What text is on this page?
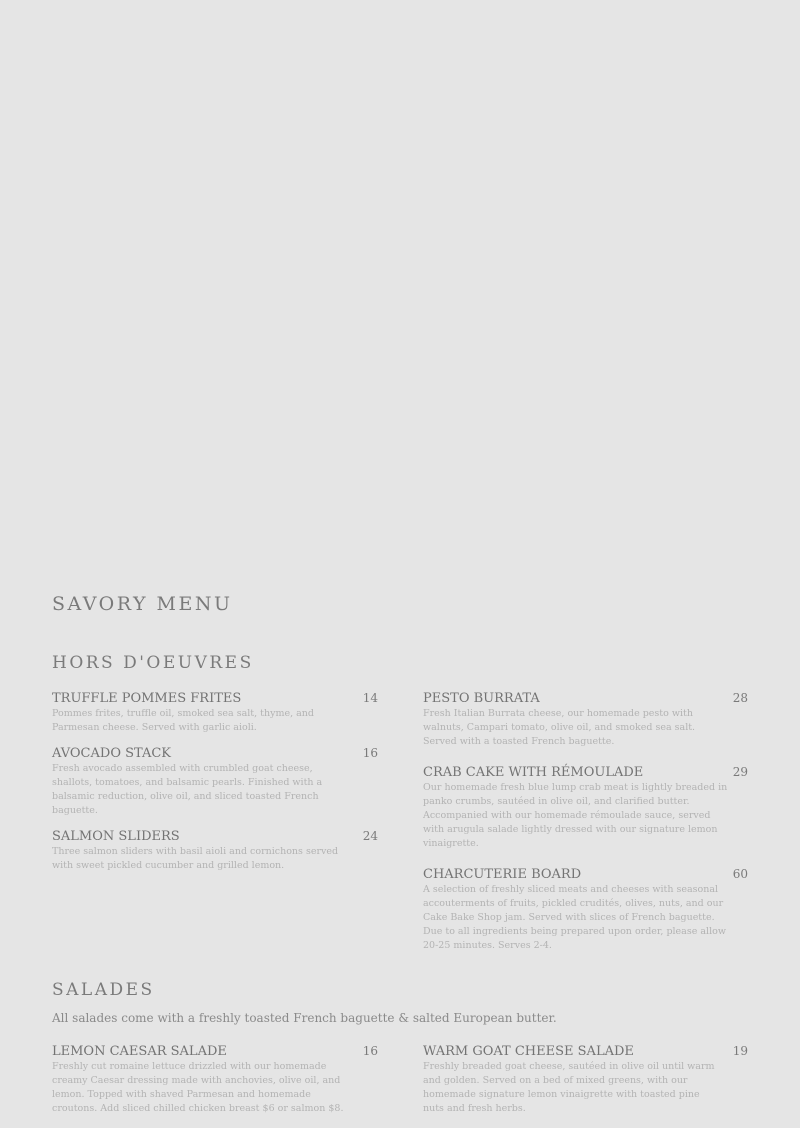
SAVORY MENU
HORS D'OEUVRES
TRUFFLE POMMES FRITES	14
Pommes frites, truffle oil, smoked sea salt, thyme, and Parmesan cheese. Served with garlic aioli.
AVOCADO STACK	16
Fresh avocado assembled with crumbled goat cheese, shallots, tomatoes, and balsamic pearls. Finished with a balsamic reduction, olive oil, and sliced toasted French baguette.
SALMON SLIDERS	24
Three salmon sliders with basil aioli and cornichons served with sweet pickled cucumber and grilled lemon.
PESTO BURRATA	28
Fresh Italian Burrata cheese, our homemade pesto with walnuts, Campari tomato, olive oil, and smoked sea salt. Served with a toasted French baguette.
CRAB CAKE WITH RÉMOULADE	29
Our homemade fresh blue lump crab meat is lightly breaded in panko crumbs, sautéed in olive oil, and clarified butter. Accompanied with our homemade rémoulade sauce, served with arugula salade lightly dressed with our signature lemon vinaigrette.
CHARCUTERIE BOARD	60
A selection of freshly sliced meats and cheeses with seasonal accouterments of fruits, pickled crudités, olives, nuts, and our Cake Bake Shop jam. Served with slices of French baguette. Due to all ingredients being prepared upon order, please allow 20-25 minutes. Serves 2-4.
SALADES

All salades come with a freshly toasted French baguette & salted European butter.

LEMON CAESAR SALADE	16
Freshly cut romaine lettuce drizzled with our homemade creamy Caesar dressing made with anchovies, olive oil, and lemon. Topped with shaved Parmesan and homemade croutons. Add sliced chilled chicken breast $6 or salmon $8.
WARM GOAT CHEESE SALADE	19
Freshly breaded goat cheese, sautéed in olive oil until warm and golden. Served on a bed of mixed greens, with our homemade signature lemon vinaigrette with toasted pine nuts and fresh herbs.
